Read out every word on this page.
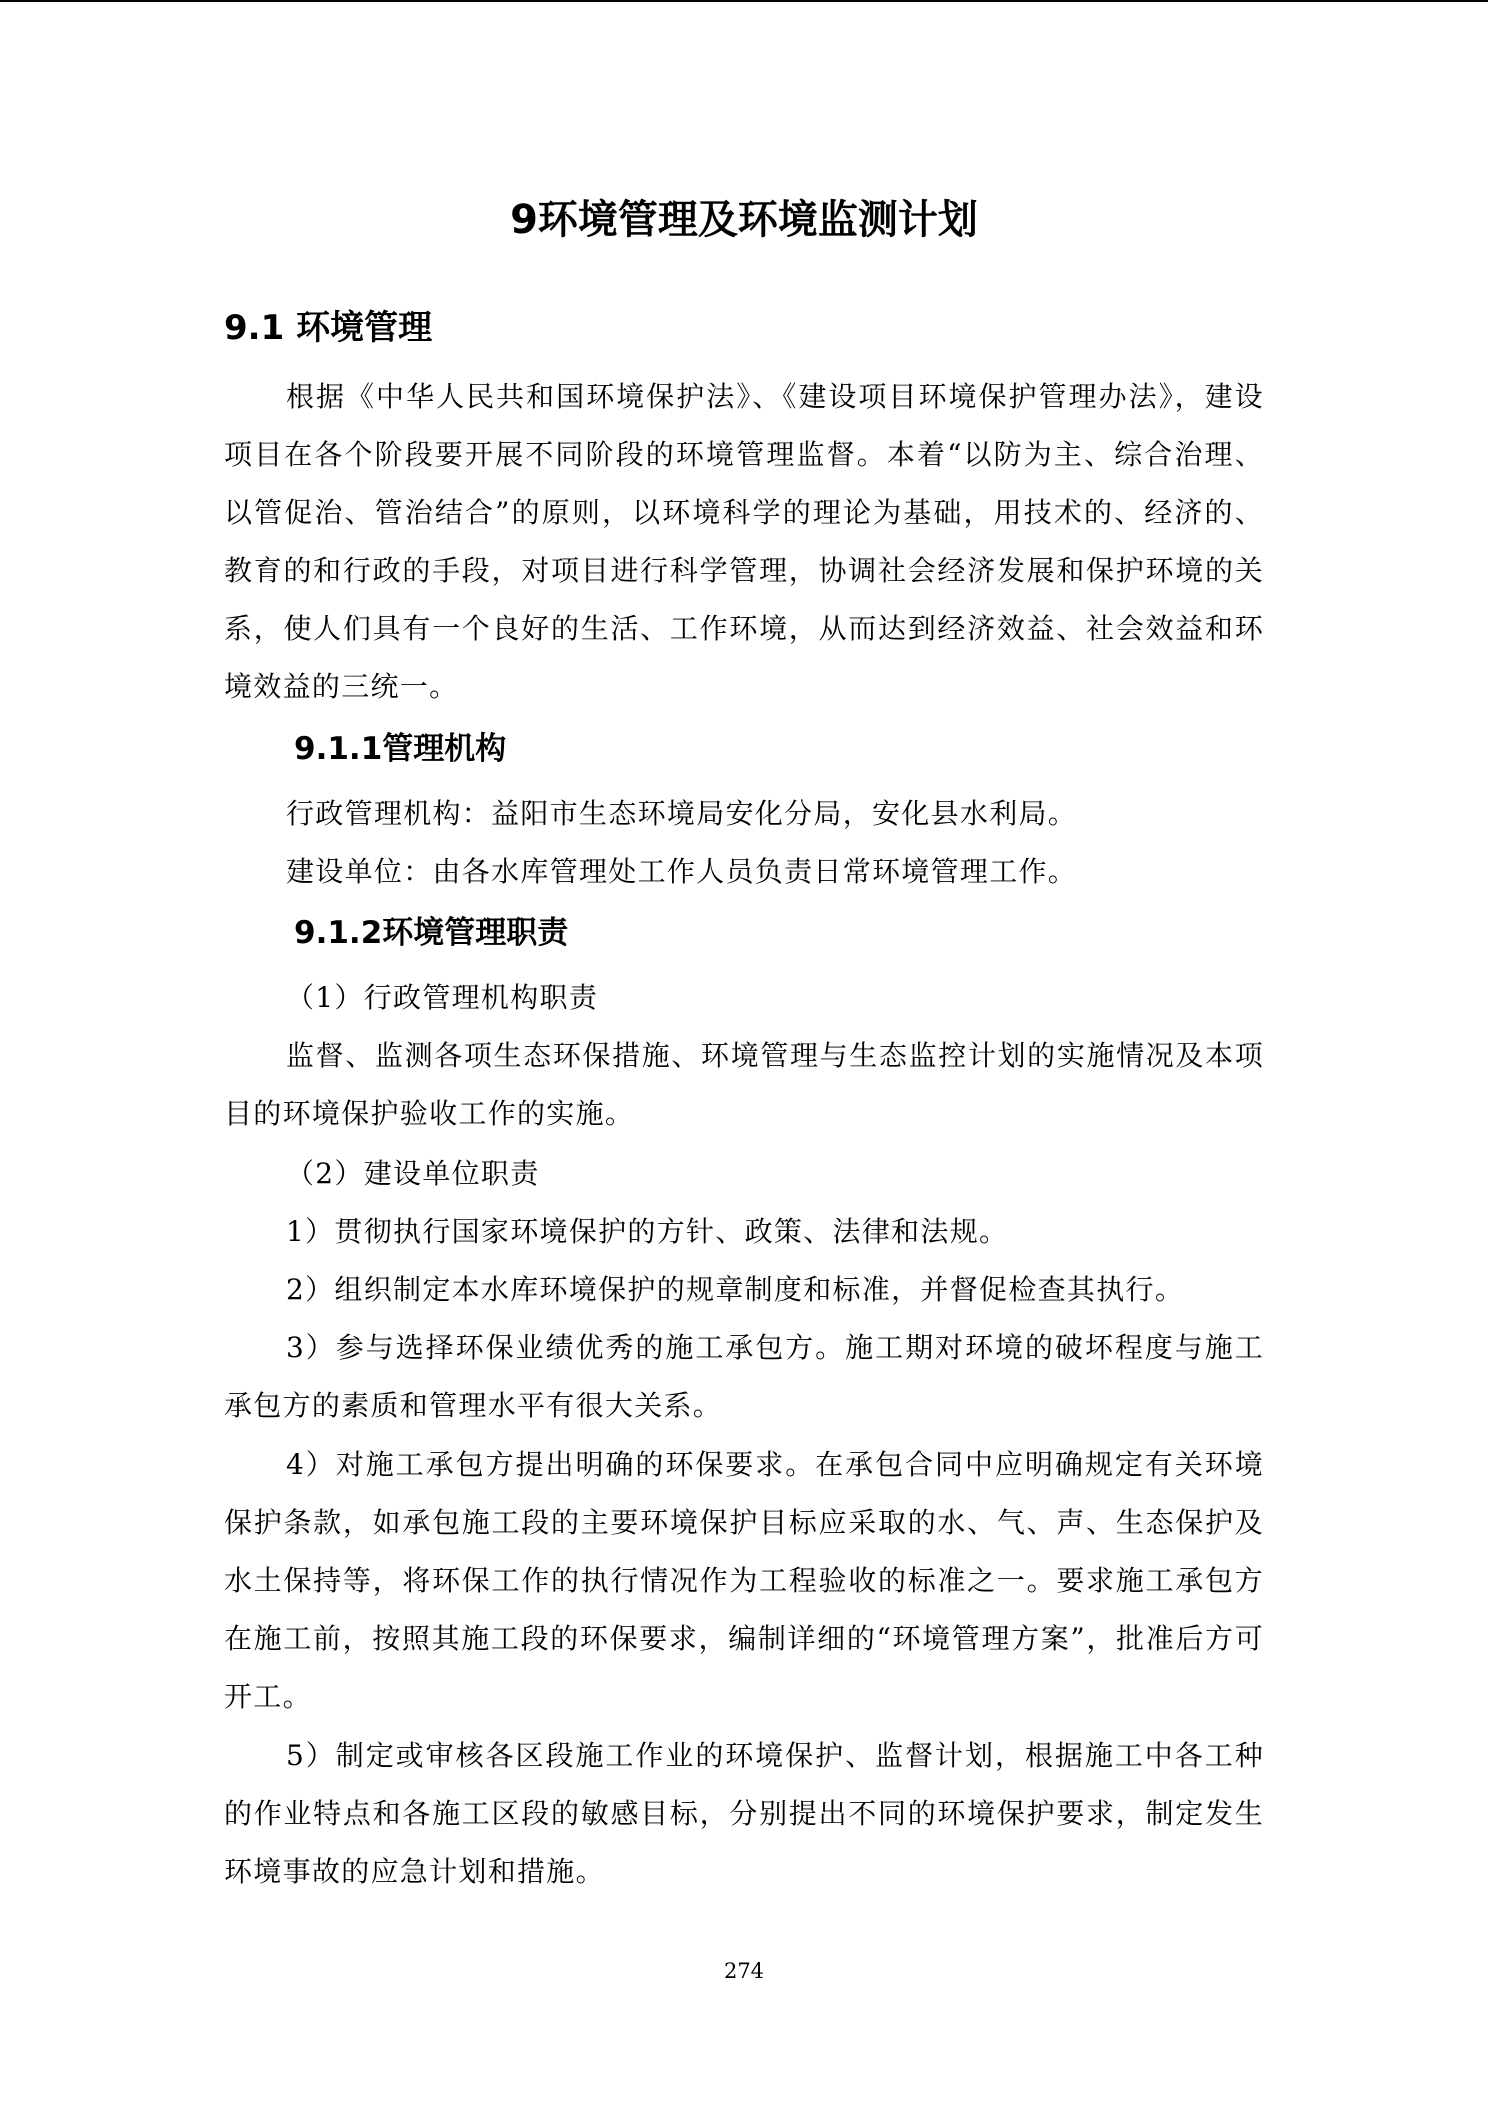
9环境管理及环境监测计划
9.1 环境管理

根据《中华人民共和国环境保护法》、《建设项目环境保护管理办法》，建设项目在各个阶段要开展不同阶段的环境管理监督。本着“以防为主、综合治理、以管促治、管治结合”的原则，以环境科学的理论为基础，用技术的、经济的、教育的和行政的手段，对项目进行科学管理，协调社会经济发展和保护环境的关系，使人们具有一个良好的生活、工作环境，从而达到经济效益、社会效益和环境效益的三统一。

9.1.1管理机构
行政管理机构：益阳市生态环境局安化分局，安化县水利局。
建设单位：由各水库管理处工作人员负责日常环境管理工作。
9.1.2环境管理职责
（1）行政管理机构职责

监督、监测各项生态环保措施、环境管理与生态监控计划的实施情况及本项目的环境保护验收工作的实施。

（2）建设单位职责
1）贯彻执行国家环境保护的方针、政策、法律和法规。
2）组织制定本水库环境保护的规章制度和标准，并督促检查其执行。

3）参与选择环保业绩优秀的施工承包方。施工期对环境的破坏程度与施工承包方的素质和管理水平有很大关系。

4）对施工承包方提出明确的环保要求。在承包合同中应明确规定有关环境保护条款，如承包施工段的主要环境保护目标应采取的水、气、声、生态保护及水土保持等，将环保工作的执行情况作为工程验收的标准之一。要求施工承包方在施工前，按照其施工段的环保要求，编制详细的“环境管理方案”，批准后方可开工。

5）制定或审核各区段施工作业的环境保护、监督计划，根据施工中各工种的作业特点和各施工区段的敏感目标，分别提出不同的环境保护要求，制定发生环境事故的应急计划和措施。

274
